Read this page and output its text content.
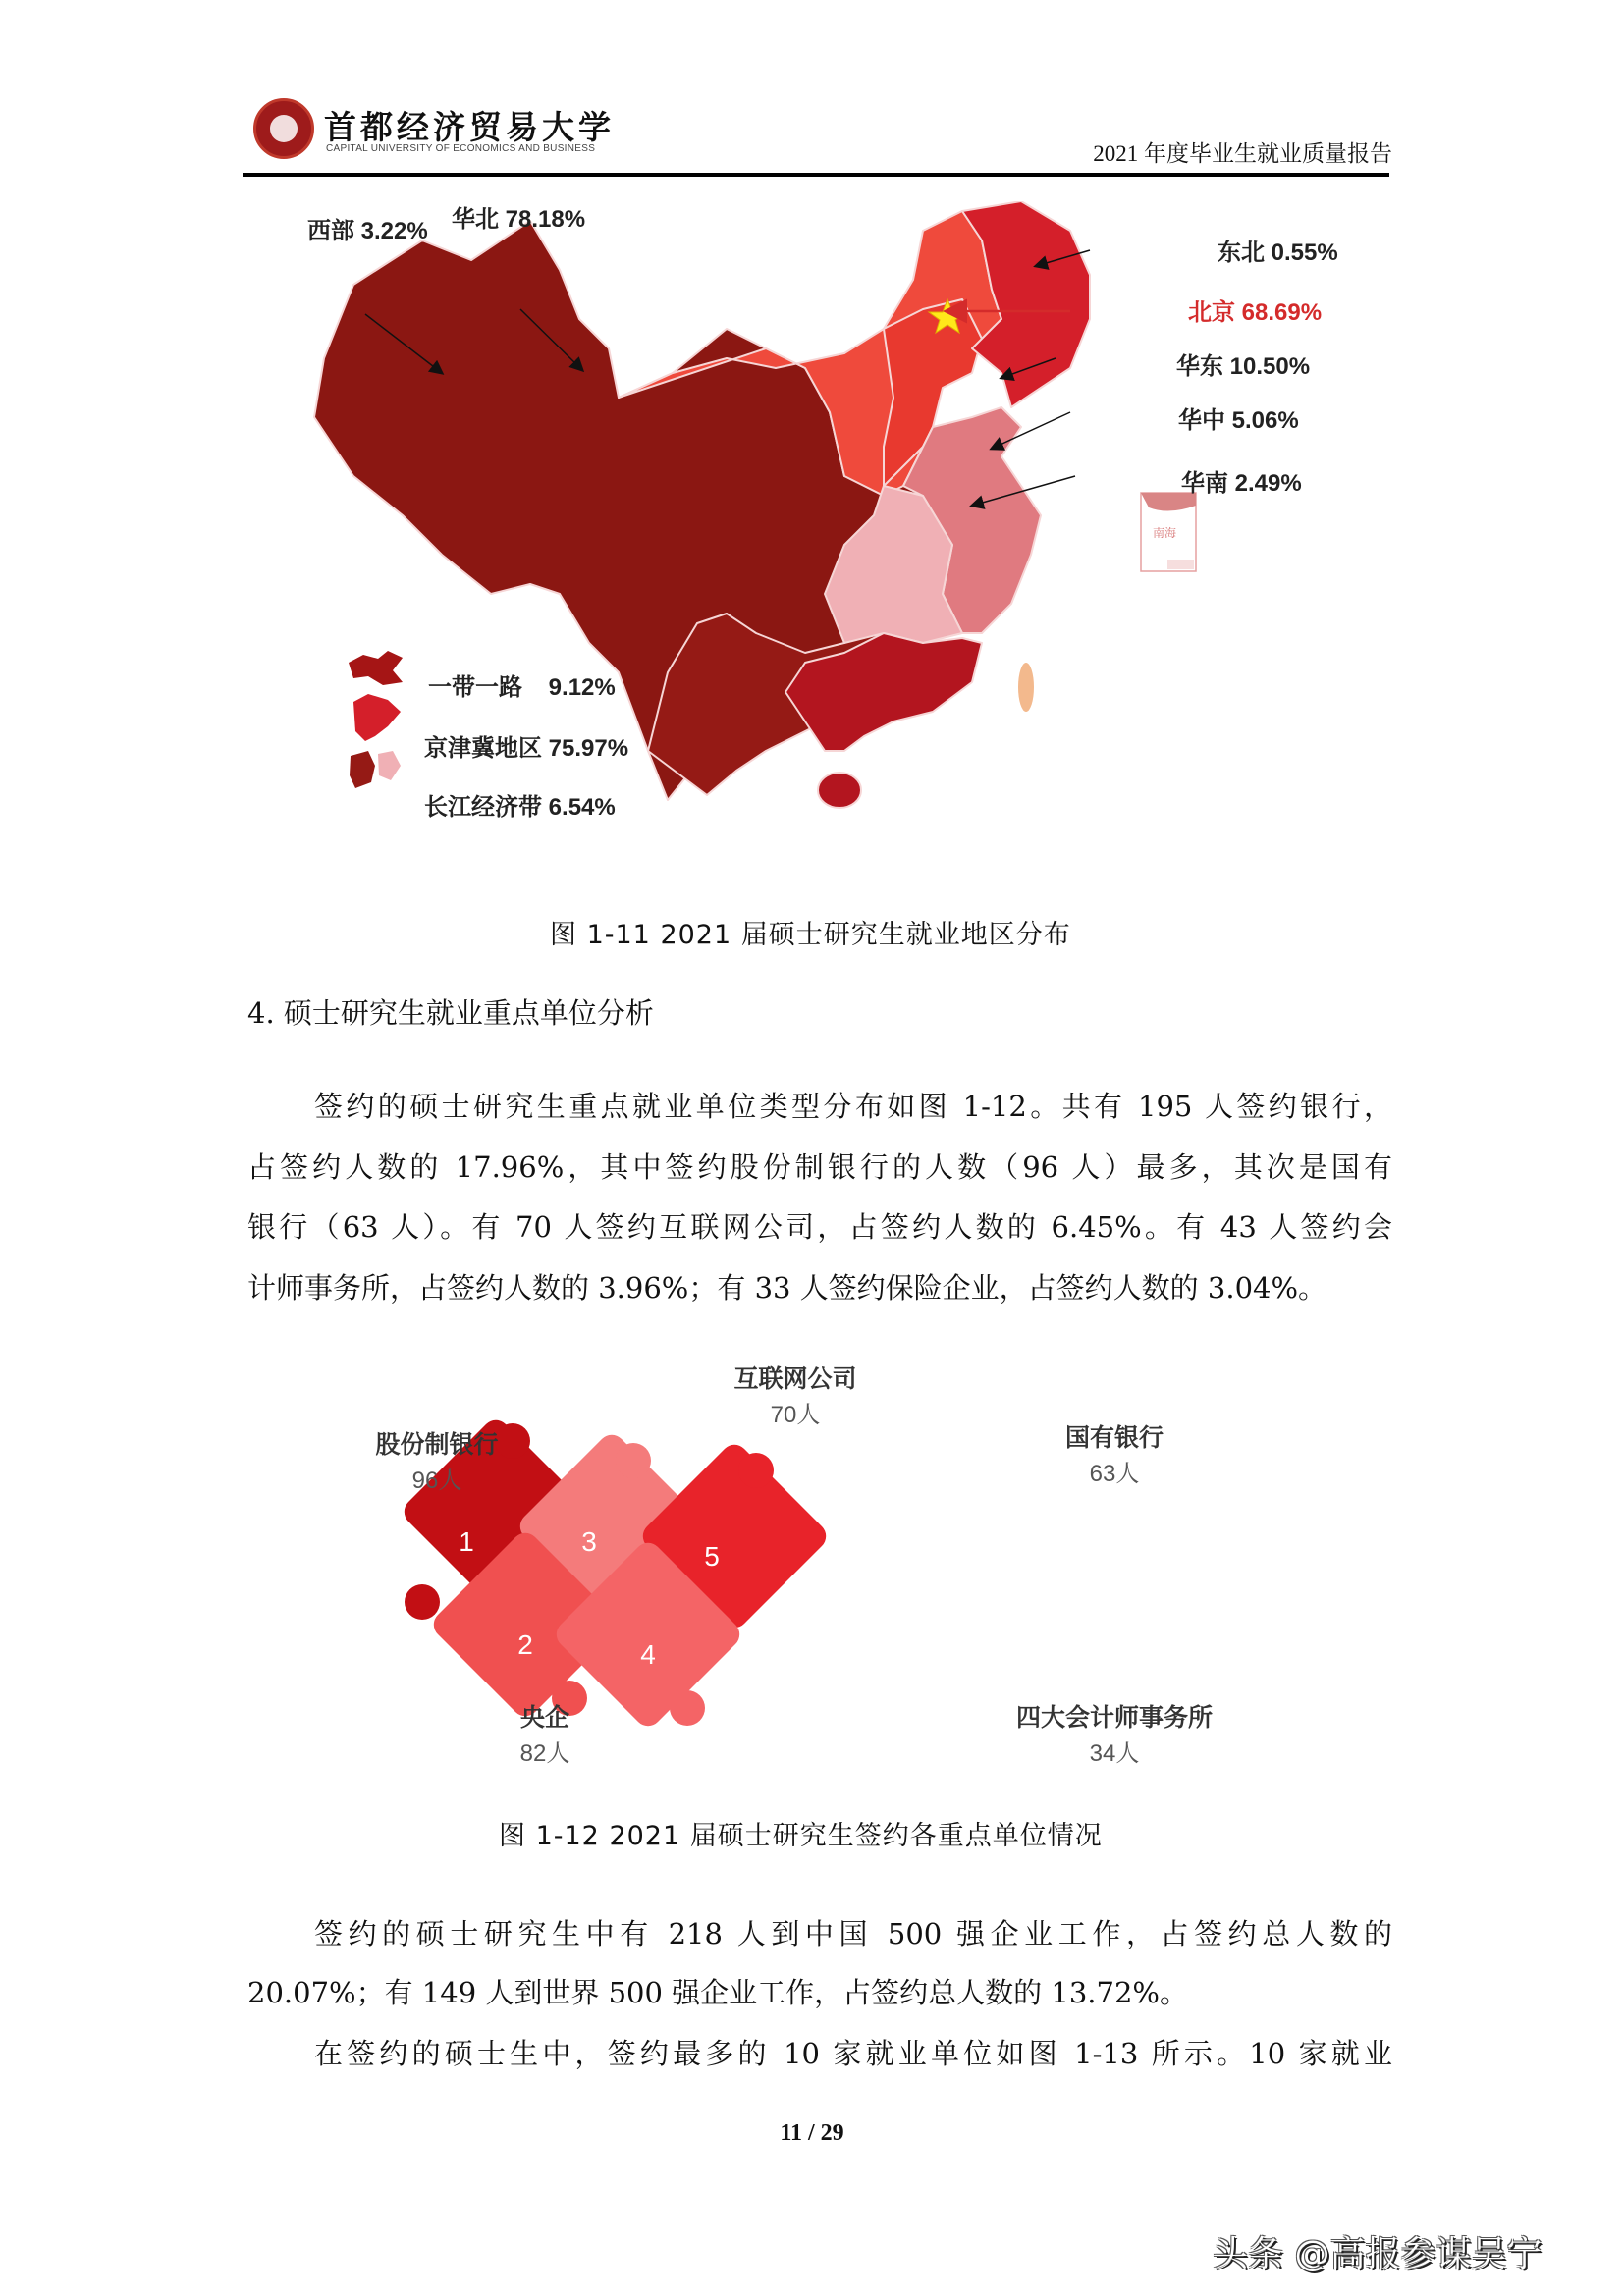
首都经济贸易大学
CAPITAL UNIVERSITY OF ECONOMICS AND BUSINESS	2021 年度毕业生就业质量报告
南海
西部 3.22% 华北 78.18%
东北 0.55%
北京 68.69%
华东 10.50%
华中 5.06%
华南 2.49%
一带一路 9.12%
京津冀地区 75.97%
长江经济带 6.54%
图 1-11 2021 届硕士研究生就业地区分布
4. 硕士研究生就业重点单位分析
签约的硕士研究生重点就业单位类型分布如图 1-12。共有 195 人签约银行，
占签约人数的 17.96%，其中签约股份制银行的人数（96 人）最多，其次是国有
银行（63 人）。有 70 人签约互联网公司，占签约人数的 6.45%。有 43 人签约会
计师事务所，占签约人数的 3.96%；有 33 人签约保险企业，占签约人数的 3.04%。
1	3	5
2	4
股份制银行
96人
央企
82人
互联网公司
70人
四大会计师事务所
34人
国有银行
63人
图 1-12 2021 届硕士研究生签约各重点单位情况
签约的硕士研究生中有 218 人到中国 500 强企业工作，占签约总人数的
20.07%；有 149 人到世界 500 强企业工作，占签约总人数的 13.72%。
在签约的硕士生中，签约最多的 10 家就业单位如图 1-13 所示。10 家就业
11 / 29
头条 @高报参谋吴宁
